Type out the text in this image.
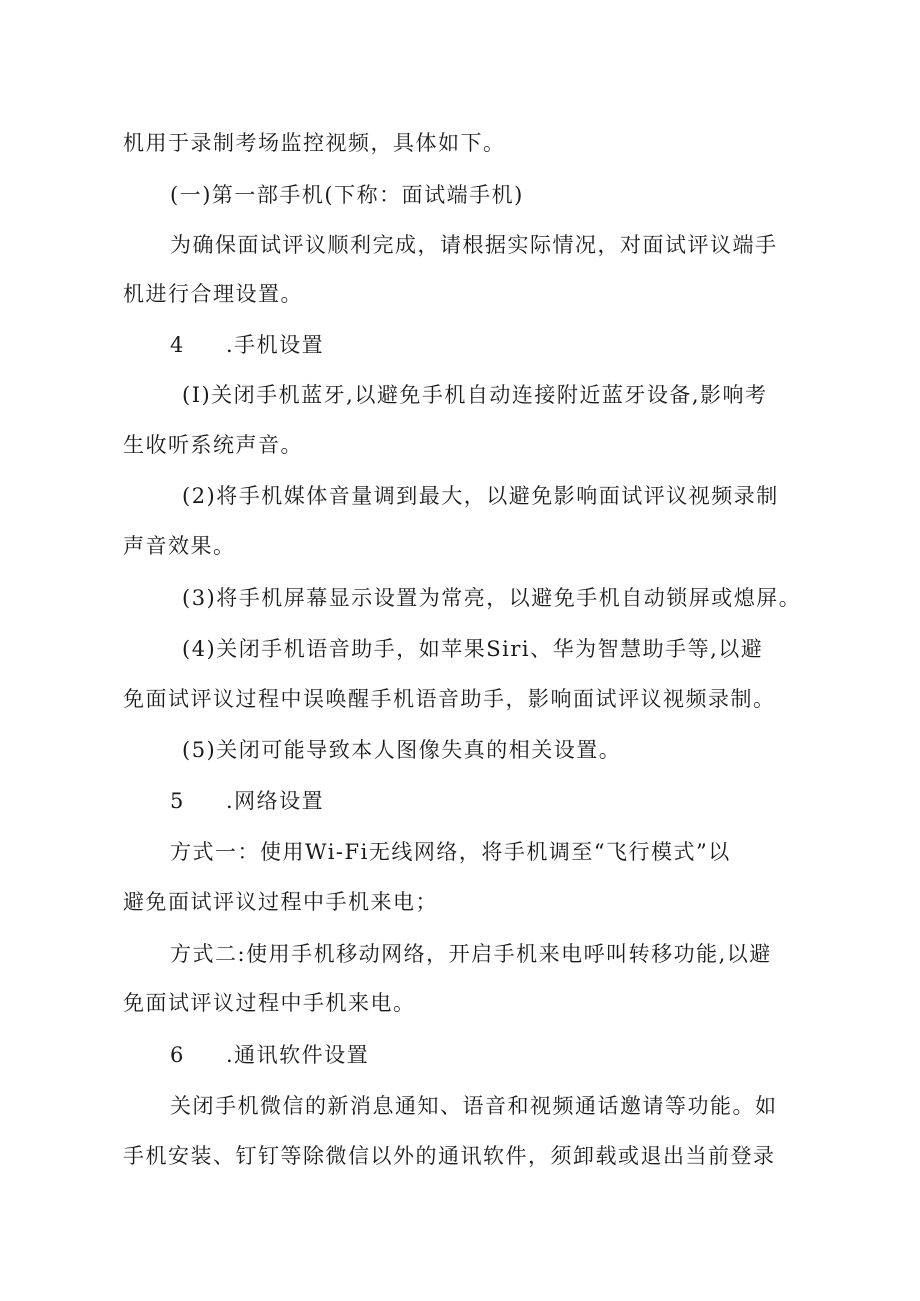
机用于录制考场监控视频，具体如下。
(一)第一部手机(下称：面试端手机)
为确保面试评议顺利完成，请根据实际情况，对面试评议端手
机进行合理设置。
4 .手机设置
(I)关闭手机蓝牙,以避免手机自动连接附近蓝牙设备,影响考
生收听系统声音。
(2)将手机媒体音量调到最大，以避免影响面试评议视频录制
声音效果。
(3)将手机屏幕显示设置为常亮，以避免手机自动锁屏或熄屏。
(4)关闭手机语音助手，如苹果Siri、华为智慧助手等,以避
免面试评议过程中误唤醒手机语音助手，影响面试评议视频录制。
(5)关闭可能导致本人图像失真的相关设置。
5 .网络设置
方式一：使用Wi-Fi无线网络，将手机调至“飞行模式”以
避免面试评议过程中手机来电；
方式二:使用手机移动网络，开启手机来电呼叫转移功能,以避
免面试评议过程中手机来电。
6 .通讯软件设置
关闭手机微信的新消息通知、语音和视频通话邀请等功能。如
手机安装、钉钉等除微信以外的通讯软件，须卸载或退出当前登录
